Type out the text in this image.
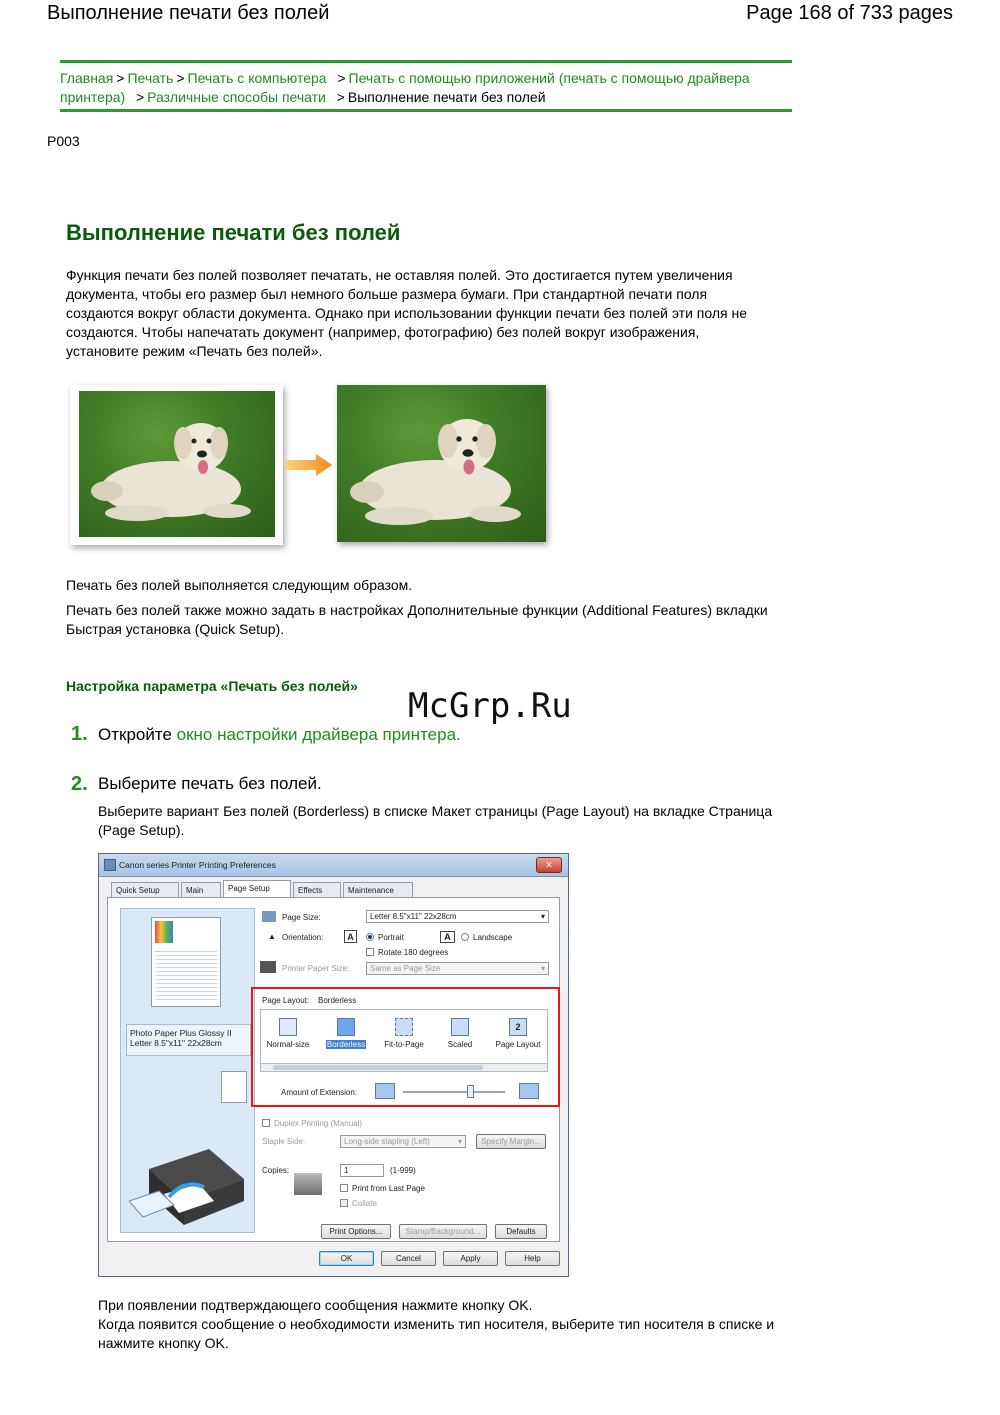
Выполнение печати без полей	Page 168 of 733 pages
Главная > Печать > Печать с компьютера > Печать с помощью приложений (печать с помощью драйвера принтера) > Различные способы печати > Выполнение печати без полей
P003
Выполнение печати без полей
Функция печати без полей позволяет печатать, не оставляя полей. Это достигается путем увеличения документа, чтобы его размер был немного больше размера бумаги. При стандартной печати поля создаются вокруг области документа. Однако при использовании функции печати без полей эти поля не создаются. Чтобы напечатать документ (например, фотографию) без полей вокруг изображения, установите режим «Печать без полей».
Печать без полей выполняется следующим образом.
Печать без полей также можно задать в настройках Дополнительные функции (Additional Features) вкладки Быстрая установка (Quick Setup).
Настройка параметра «Печать без полей» McGrp.Ru
1. Откройте окно настройки драйвера принтера.
2. Выберите печать без полей.
Выберите вариант Без полей (Borderless) в списке Макет страницы (Page Layout) на вкладке Страница (Page Setup).
Canon series Printer Printing Preferences	✕
Quick Setup	Main	Page Setup	Effects	Maintenance
Photo Paper Plus Glossy II
Letter 8.5"x11" 22x28cm
Page Size:	Letter 8.5"x11" 22x28cm ▾
▲ Orientation:	A	Portrait	A	Landscape
Rotate 180 degrees
Printer Paper Size:	Same as Page Size ▾
Page Layout: Borderless
Normal-size	Borderless	Fit-to-Page	Scaled
2
Page Layout
Amount of Extension:
Duplex Printing (Manual)
Staple Side:	Long-side stapling (Left) ▾	Specify Margin...
Copies:	1	(1-999)
Print from Last Page
Collate
Print Options...	Stamp/Background...	Defaults
OK	Cancel	Apply	Help
При появлении подтверждающего сообщения нажмите кнопку OK.
Когда появится сообщение о необходимости изменить тип носителя, выберите тип носителя в списке и нажмите кнопку OK.
